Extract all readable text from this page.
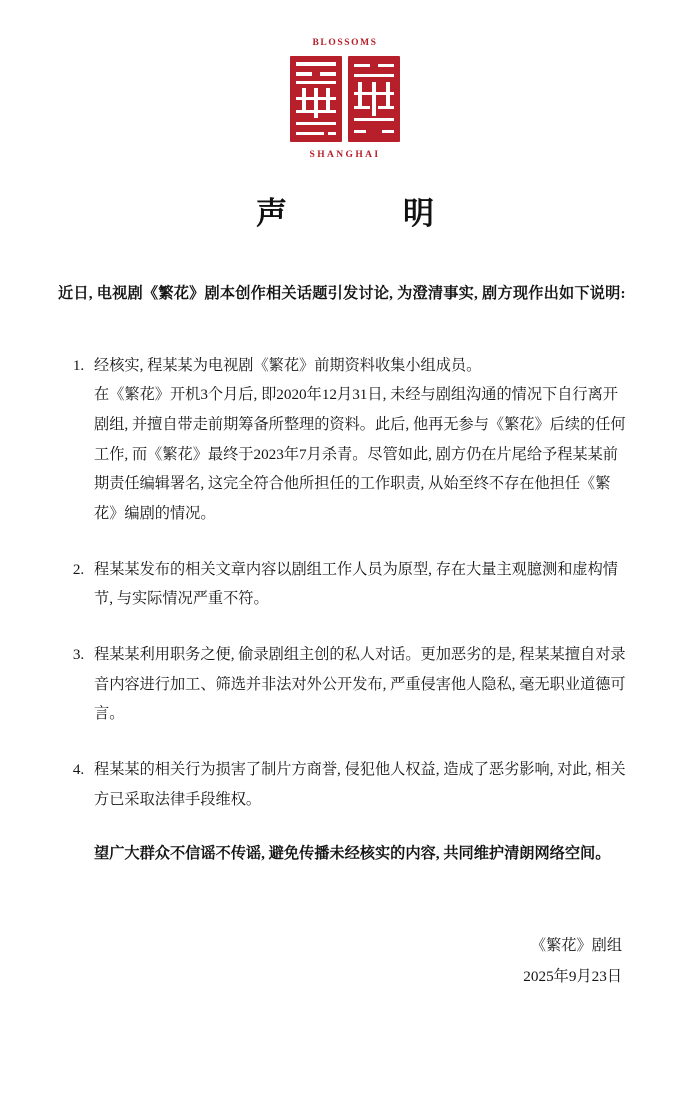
BLOSSOMS
SHANGHAI
声　　明
近日, 电视剧《繁花》剧本创作相关话题引发讨论, 为澄清事实, 剧方现作出如下说明:
1. 经核实, 程某某为电视剧《繁花》前期资料收集小组成员。
在《繁花》开机3个月后, 即2020年12月31日, 未经与剧组沟通的情况下自行离开剧组, 并擅自带走前期筹备所整理的资料。此后, 他再无参与《繁花》后续的任何工作, 而《繁花》最终于2023年7月杀青。尽管如此, 剧方仍在片尾给予程某某前期责任编辑署名, 这完全符合他所担任的工作职责, 从始至终不存在他担任《繁花》编剧的情况。
2. 程某某发布的相关文章内容以剧组工作人员为原型, 存在大量主观臆测和虚构情节, 与实际情况严重不符。
3. 程某某利用职务之便, 偷录剧组主创的私人对话。更加恶劣的是, 程某某擅自对录音内容进行加工、筛选并非法对外公开发布, 严重侵害他人隐私, 毫无职业道德可言。
4. 程某某的相关行为损害了制片方商誉, 侵犯他人权益, 造成了恶劣影响, 对此, 相关方已采取法律手段维权。
望广大群众不信谣不传谣, 避免传播未经核实的内容, 共同维护清朗网络空间。
《繁花》剧组
2025年9月23日
